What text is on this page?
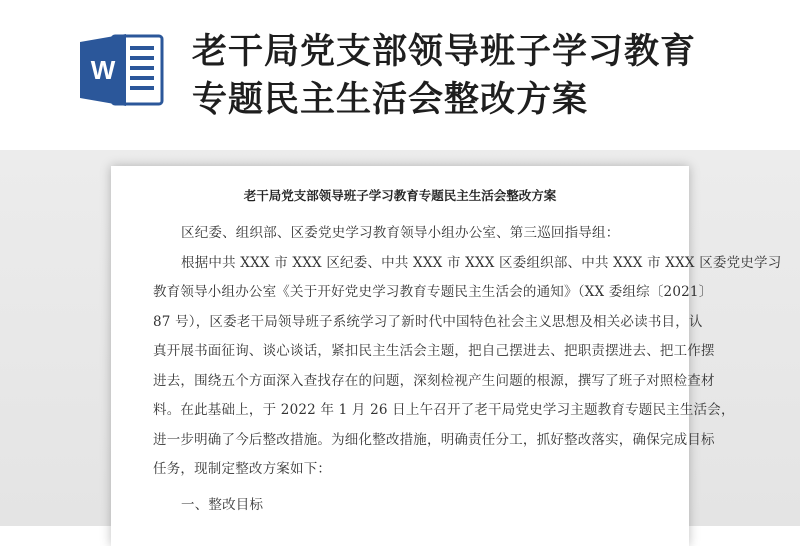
W 老干局党支部领导班子学习教育
专题民主生活会整改方案

老干局党支部领导班子学习教育专题民主生活会整改方案

区纪委、组织部、区委党史学习教育领导小组办公室、第三巡回指导组：

根据中共 XXX 市 XXX 区纪委、中共 XXX 市 XXX 区委组织部、中共 XXX 市 XXX 区委党史学习

教育领导小组办公室《关于开好党史学习教育专题民主生活会的通知》（XX 委组综〔2021〕

87 号），区委老干局领导班子系统学习了新时代中国特色社会主义思想及相关必读书目，认

真开展书面征询、谈心谈话，紧扣民主生活会主题，把自己摆进去、把职责摆进去、把工作摆

进去，围绕五个方面深入查找存在的问题，深刻检视产生问题的根源，撰写了班子对照检查材

料。在此基础上，于 2022 年 1 月 26 日上午召开了老干局党史学习主题教育专题民主生活会，

进一步明确了今后整改措施。为细化整改措施，明确责任分工，抓好整改落实，确保完成目标

任务，现制定整改方案如下：

一、整改目标
